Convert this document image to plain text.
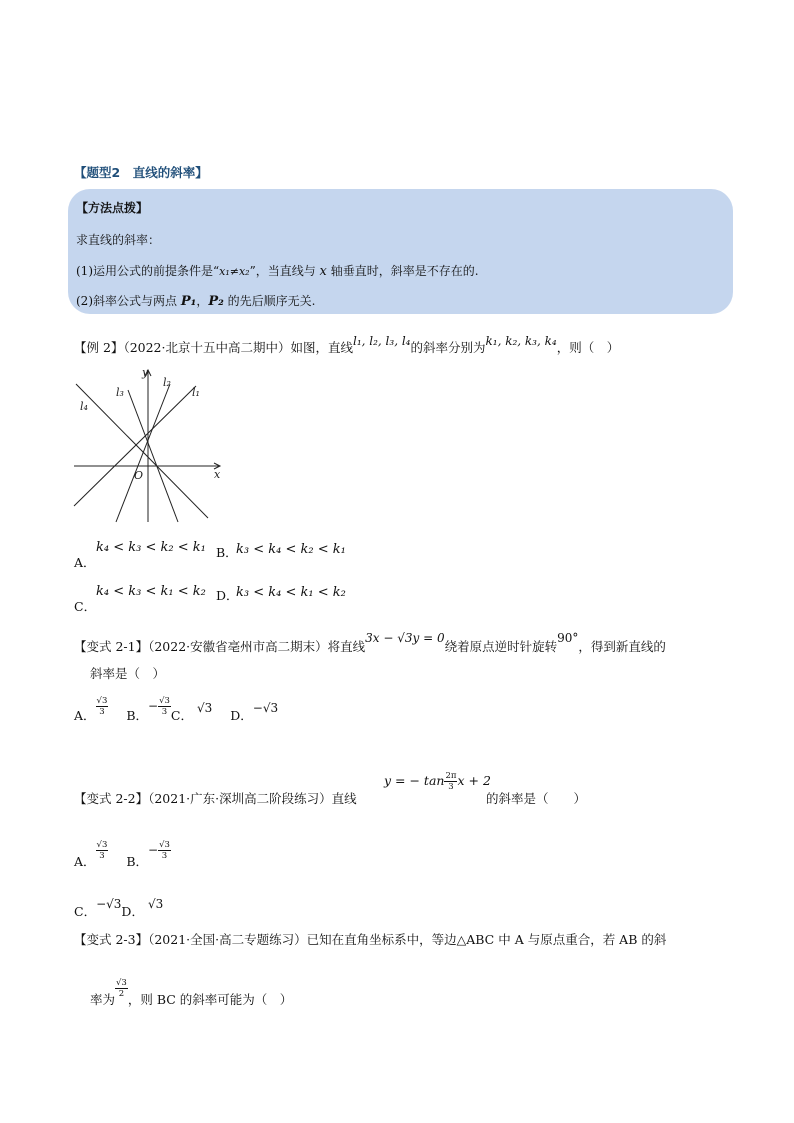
【题型2　直线的斜率】
【方法点拨】
求直线的斜率：
(1)运用公式的前提条件是“x₁≠x₂”，当直线与 x 轴垂直时，斜率是不存在的.
(2)斜率公式与两点 P₁，P₂ 的先后顺序无关.
【例 2】（2022·北京十五中高二期中）如图，直线l₁, l₂, l₃, l₄的斜率分别为k₁, k₂, k₃, k₄，则（　）
y
x
O
l₁
l₂
l₃
l₄
A．
k₄ < k₃ < k₂ < k₁ B．
k₃ < k₄ < k₂ < k₁
C．
k₄ < k₃ < k₁ < k₂ D．
k₃ < k₄ < k₁ < k₂
【变式 2-1】（2022·安徽省亳州市高二期末）将直线3x − √3y = 0绕着原点逆时针旋转90°，得到新直线的
斜率是（　）
A． $\frac{√3}{3}$ B．− $\frac{√3}{3}$ C． √3 D．−√3
【变式 2-2】（2021·广东·深圳高二阶段练习）直线
y = − $\tan \frac{2\pi}{3}$ x + 2
的斜率是（　　）
A．
$\frac{√3}{3}$
B．− $\frac{√3}{3}$
C．−√3D． √3
【变式 2-3】（2021·全国·高二专题练习）已知在直角坐标系中，等边△ABC 中 A 与原点重合，若 AB 的斜
率为
$\frac{√3}{2}$
，则 BC 的斜率可能为（　）
